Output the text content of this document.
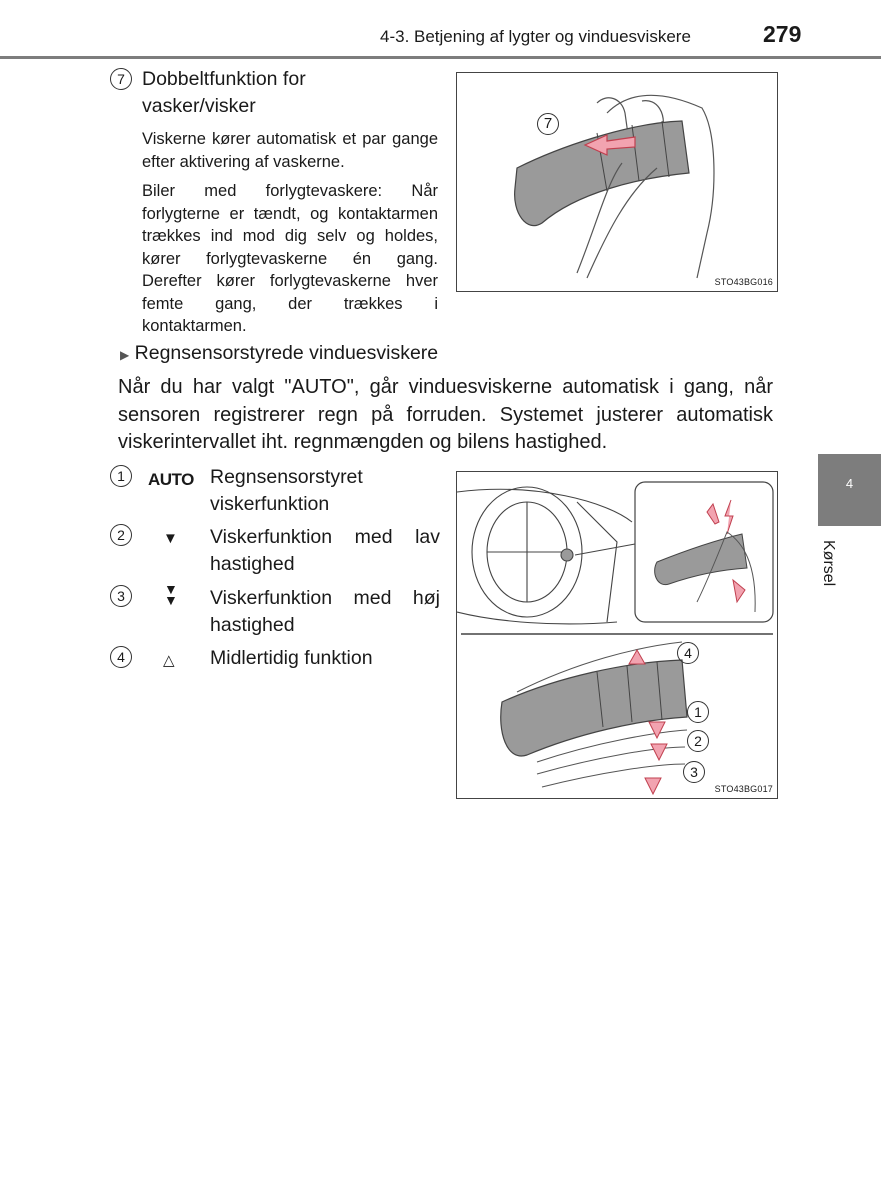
4-3. Betjening af lygter og vinduesviskere	279
4
Kørsel
7 Dobbeltfunktion for
vasker/visker
Viskerne kører automatisk et par gange efter aktivering af vaskerne.
Biler med forlygtevaskere: Når forlygterne er tændt, og kontaktarmen trækkes ind mod dig selv og holdes, kører forlygtevaskerne én gang. Derefter kører forlygtevaskerne hver femte gang, der trækkes i kontaktarmen.
7
STO43BG016
▶ Regnsensorstyrede vinduesviskere
Når du har valgt "AUTO", går vinduesviskerne automatisk i gang, når sensoren registrerer regn på forruden. Systemet justerer automatisk viskerintervallet iht. regnmængden og bilens hastighed.
1	AUTO Regnsensorstyret
viskerfunktion
2	▼ Viskerfunktion med lav
hastighed
3	▼▼ Viskerfunktion med høj
hastighed
4	△ Midlertidig funktion	4
1
2
3
STO43BG017
